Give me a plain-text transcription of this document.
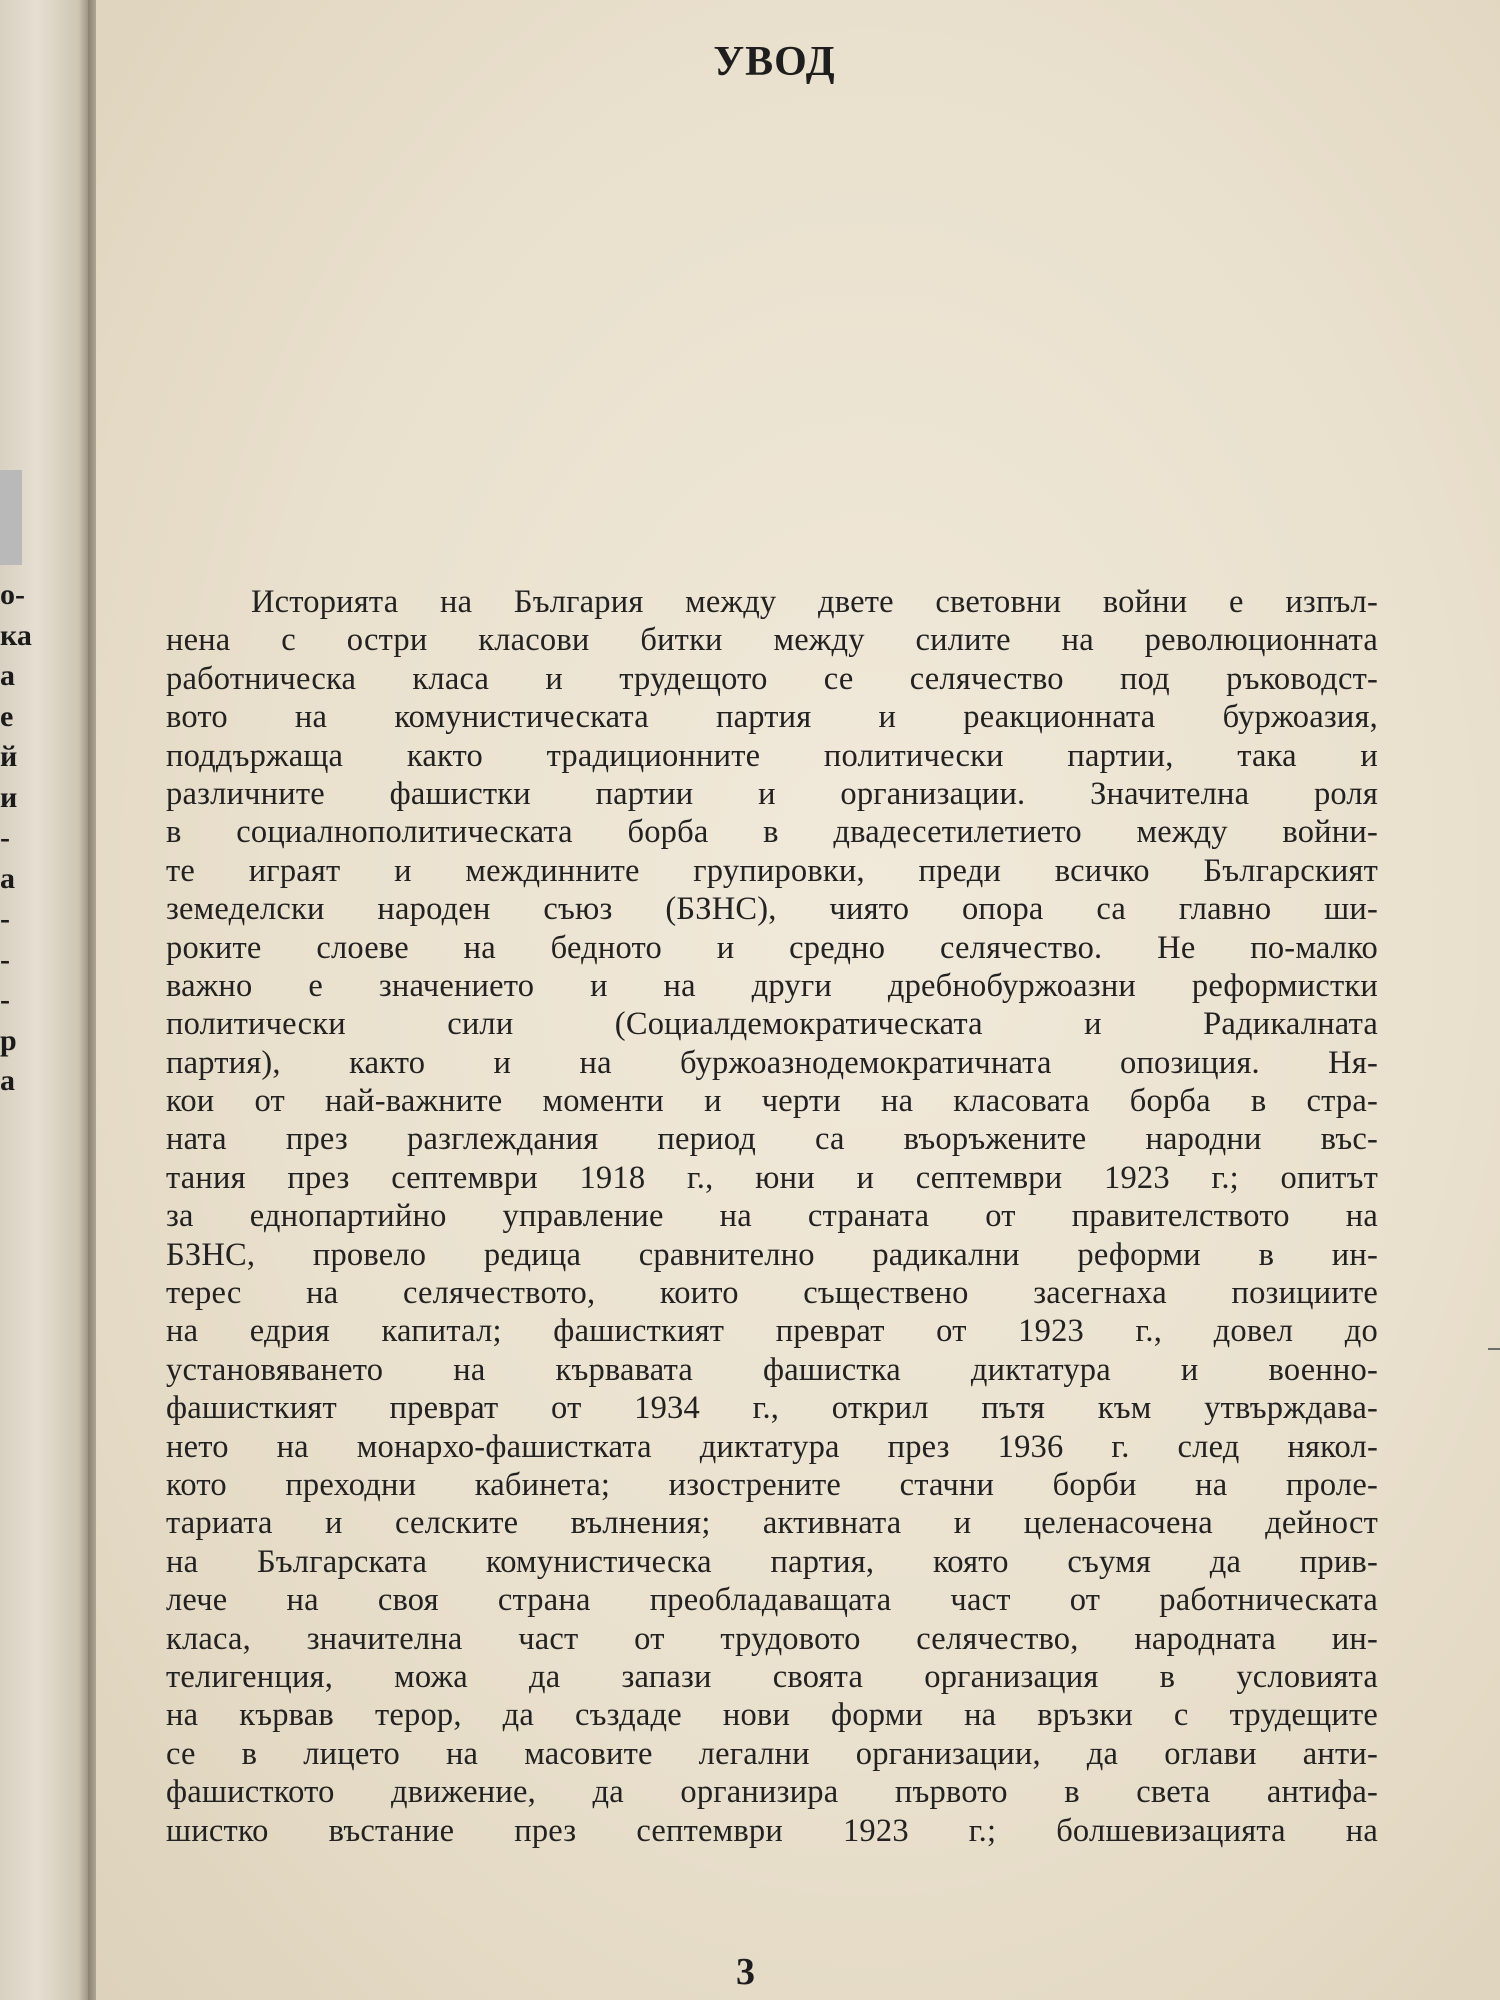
о-
ка
а
е
й
и
-
а
-
-
-
р
а
УВОД
Историята на България между двете световни войни е изпъл-
нена с остри класови битки между силите на революционната
работническа класа и трудещото се селячество под ръководст-
вото на комунистическата партия и реакционната буржоазия,
поддържаща както традиционните политически партии, така и
различните фашистки партии и организации. Значителна роля
в социалнополитическата борба в двадесетилетието между войни-
те играят и междинните групировки, преди всичко Българският
земеделски народен съюз (БЗНС), чиято опора са главно ши-
роките слоеве на бедното и средно селячество. Не по-малко
важно е значението и на други дребнобуржоазни реформистки
политически сили (Социалдемократическата и Радикалната
партия), както и на буржоазнодемократичната опозиция. Ня-
кои от най-важните моменти и черти на класовата борба в стра-
ната през разглеждания период са въоръжените народни въс-
тания през септември 1918 г., юни и септември 1923 г.; опитът
за еднопартийно управление на страната от правителството на
БЗНС, провело редица сравнително радикални реформи в ин-
терес на селячеството, които съществено засегнаха позициите
на едрия капитал; фашисткият преврат от 1923 г., довел до
установяването на кървавата фашистка диктатура и военно-
фашисткият преврат от 1934 г., открил пътя към утвърждава-
нето на монархо-фашистката диктатура през 1936 г. след някол-
кото преходни кабинета; изострените стачни борби на проле-
тариата и селските вълнения; активната и целенасочена дейност
на Българската комунистическа партия, която съумя да прив-
лече на своя страна преобладаващата част от работническата
класа, значителна част от трудовото селячество, народната ин-
телигенция, можа да запази своята организация в условията
на кървав терор, да създаде нови форми на връзки с трудещите
се в лицето на масовите легални организации, да оглави анти-
фашисткото движение, да организира първото в света антифа-
шистко въстание през септември 1923 г.; болшевизацията на
3
